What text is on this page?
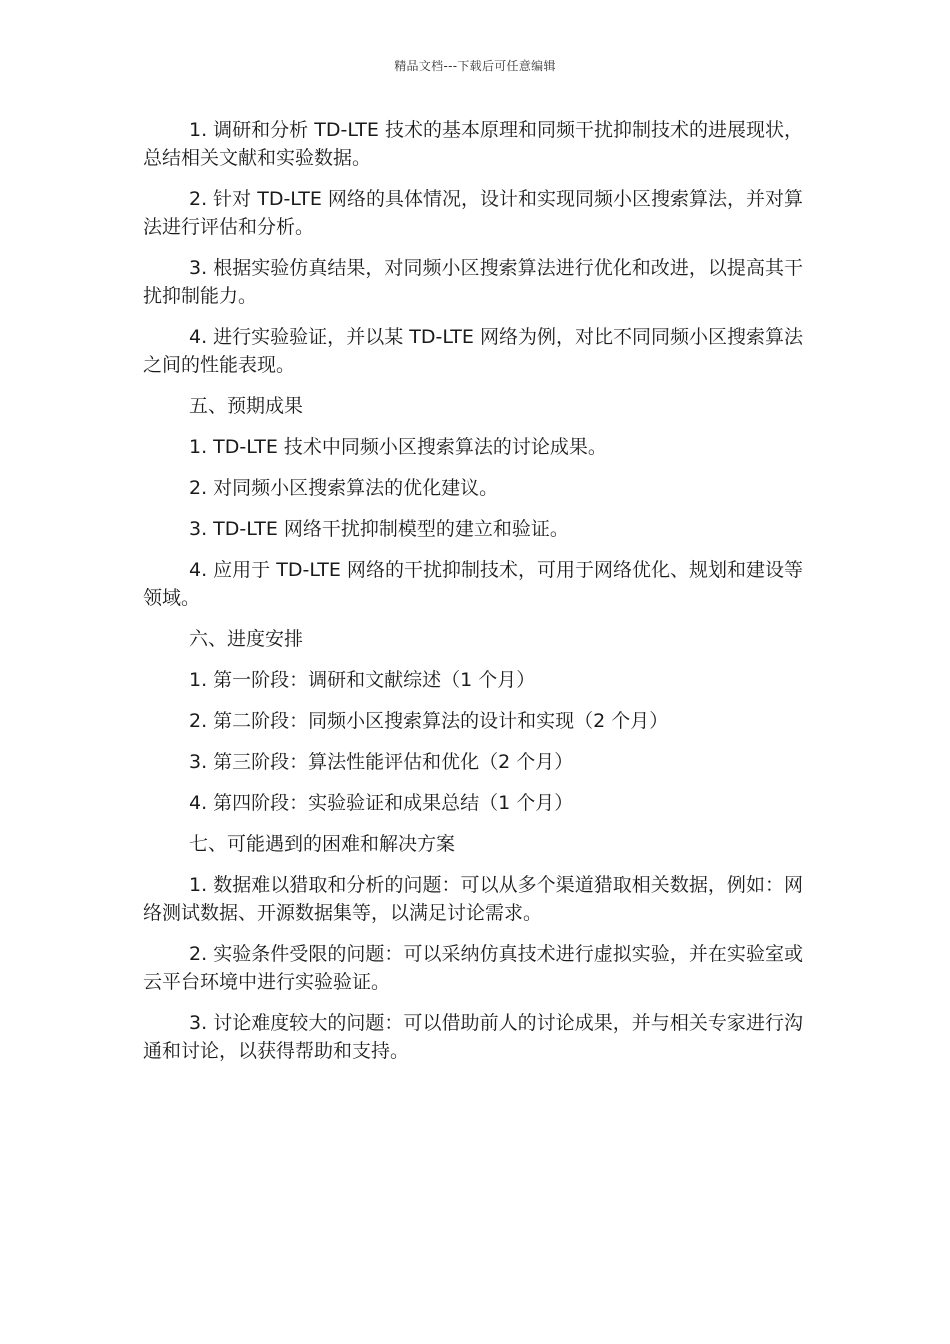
精品文档---下载后可任意编辑

1. 调研和分析 TD-LTE 技术的基本原理和同频干扰抑制技术的进展现状，总结相关文献和实验数据。

2. 针对 TD-LTE 网络的具体情况，设计和实现同频小区搜索算法，并对算法进行评估和分析。

3. 根据实验仿真结果，对同频小区搜索算法进行优化和改进，以提高其干扰抑制能力。

4. 进行实验验证，并以某 TD-LTE 网络为例，对比不同同频小区搜索算法之间的性能表现。

五、预期成果

1. TD-LTE 技术中同频小区搜索算法的讨论成果。

2. 对同频小区搜索算法的优化建议。

3. TD-LTE 网络干扰抑制模型的建立和验证。

4. 应用于 TD-LTE 网络的干扰抑制技术，可用于网络优化、规划和建设等领域。

六、进度安排

1. 第一阶段：调研和文献综述（1 个月）

2. 第二阶段：同频小区搜索算法的设计和实现（2 个月）

3. 第三阶段：算法性能评估和优化（2 个月）

4. 第四阶段：实验验证和成果总结（1 个月）

七、可能遇到的困难和解决方案

1. 数据难以猎取和分析的问题：可以从多个渠道猎取相关数据，例如：网络测试数据、开源数据集等，以满足讨论需求。

2. 实验条件受限的问题：可以采纳仿真技术进行虚拟实验，并在实验室或云平台环境中进行实验验证。

3. 讨论难度较大的问题：可以借助前人的讨论成果，并与相关专家进行沟通和讨论，以获得帮助和支持。
